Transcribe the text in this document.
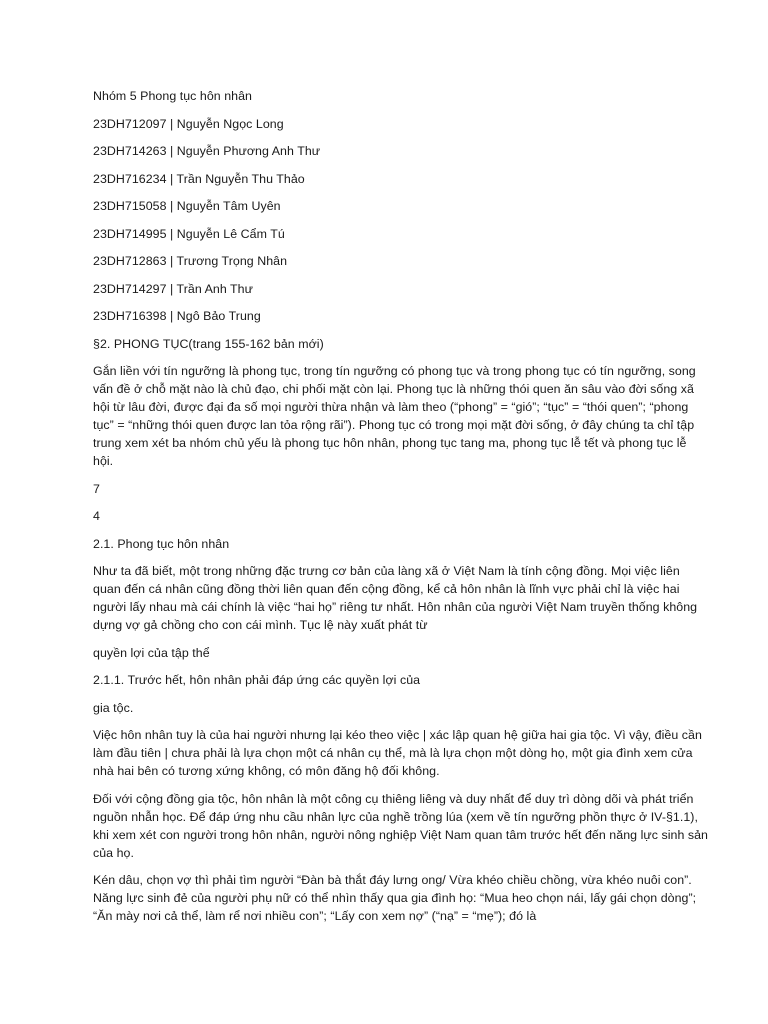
Nhóm 5 Phong tục hôn nhân

23DH712097 | Nguyễn Ngọc Long

23DH714263 | Nguyễn Phương Anh Thư

23DH716234 | Trần Nguyễn Thu Thảo

23DH715058 | Nguyễn Tâm Uyên

23DH714995 | Nguyễn Lê Cẩm Tú

23DH712863 | Trương Trọng Nhân

23DH714297 | Trần Anh Thư

23DH716398 | Ngô Bảo Trung

§2. PHONG TỤC(trang 155-162 bản mới)

Gắn liền với tín ngưỡng là phong tục, trong tín ngưỡng có phong tục và trong phong tục có tín ngưỡng, song vấn đề ở chỗ mặt nào là chủ đạo, chi phối mặt còn lại. Phong tục là những thói quen ăn sâu vào đời sống xã hội từ lâu đời, được đại đa số mọi người thừa nhận và làm theo (“phong” = “gió”; “tục” = “thói quen”; “phong tục” = “những thói quen được lan tỏa rộng rãi”). Phong tục có trong mọi mặt đời sống, ở đây chúng ta chỉ tập trung xem xét ba nhóm chủ yếu là phong tục hôn nhân, phong tục tang ma, phong tục lễ tết và phong tục lễ hội.

7

4

2.1. Phong tục hôn nhân

Như ta đã biết, một trong những đặc trưng cơ bản của làng xã ở Việt Nam là tính cộng đồng. Mọi việc liên quan đến cá nhân cũng đồng thời liên quan đến cộng đồng, kể cả hôn nhân là lĩnh vực phải chỉ là việc hai người lấy nhau mà cái chính là việc “hai họ” riêng tư nhất. Hôn nhân của người Việt Nam truyền thống không dựng vợ gả chồng cho con cái mình. Tục lệ này xuất phát từ

quyền lợi của tập thể

2.1.1. Trước hết, hôn nhân phải đáp ứng các quyền lợi của

gia tộc.

Việc hôn nhân tuy là của hai người nhưng lại kéo theo việc | xác lập quan hệ giữa hai gia tộc. Vì vậy, điều cần làm đầu tiên | chưa phải là lựa chọn một cá nhân cụ thể, mà là lựa chọn một dòng họ, một gia đình xem cửa nhà hai bên có tương xứng không, có môn đăng hộ đối không.

Đối với cộng đồng gia tộc, hôn nhân là một công cụ thiêng liêng và duy nhất để duy trì dòng dõi và phát triển nguồn nhẫn học. Để đáp ứng nhu cầu nhân lực của nghề trồng lúa (xem về tín ngưỡng phồn thực ở IV-§1.1), khi xem xét con người trong hôn nhân, người nông nghiệp Việt Nam quan tâm trước hết đến năng lực sinh sản của họ.

Kén dâu, chọn vợ thì phải tìm người “Đàn bà thắt đáy lưng ong/ Vừa khéo chiều chồng, vừa khéo nuôi con”. Năng lực sinh đẻ của người phụ nữ có thể nhìn thấy qua gia đình họ: “Mua heo chọn nái, lấy gái chọn dòng”; “Ăn mày nơi cả thể, làm rể nơi nhiều con”; “Lấy con xem nợ” (“nạ” = “mẹ”); đó là
